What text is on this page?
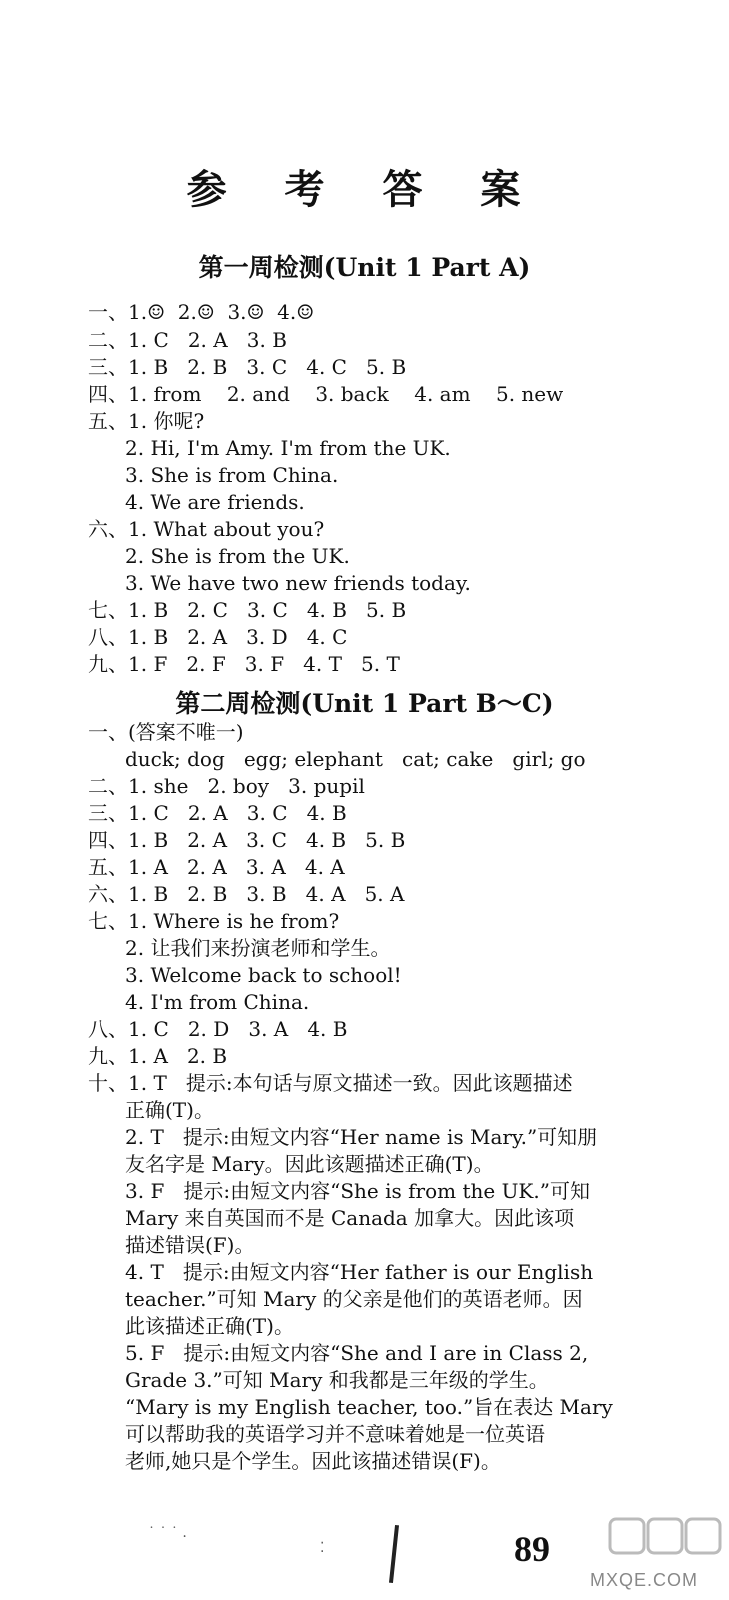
参 考 答 案
第一周检测(Unit 1 Part A)
一、1.☺  2.☺  3.☺  4.☺
二、1. C   2. A   3. B
三、1. B   2. B   3. C   4. C   5. B
四、1. from    2. and    3. back    4. am    5. new
五、1. 你呢?
2. Hi, I'm Amy. I'm from the UK.
3. She is from China.
4. We are friends.
六、1. What about you?
2. She is from the UK.
3. We have two new friends today.
七、1. B   2. C   3. C   4. B   5. B
八、1. B   2. A   3. D   4. C
九、1. F   2. F   3. F   4. T   5. T
第二周检测(Unit 1 Part B～C)
一、(答案不唯一)
duck; dog   egg; elephant   cat; cake   girl; go
二、1. she   2. boy   3. pupil
三、1. C   2. A   3. C   4. B
四、1. B   2. A   3. C   4. B   5. B
五、1. A   2. A   3. A   4. A
六、1. B   2. B   3. B   4. A   5. A
七、1. Where is he from?
2. 让我们来扮演老师和学生。
3. Welcome back to school!
4. I'm from China.
八、1. C   2. D   3. A   4. B
九、1. A   2. B
十、1. T   提示:本句话与原文描述一致。因此该题描述
正确(T)。
2. T   提示:由短文内容“Her name is Mary.”可知朋
友名字是 Mary。因此该题描述正确(T)。
3. F   提示:由短文内容“She is from the UK.”可知
Mary 来自英国而不是 Canada 加拿大。因此该项
描述错误(F)。
4. T   提示:由短文内容“Her father is our English
teacher.”可知 Mary 的父亲是他们的英语老师。因
此该描述正确(T)。
5. F   提示:由短文内容“She and I are in Class 2,
Grade 3.”可知 Mary 和我都是三年级的学生。
“Mary is my English teacher, too.”旨在表达 Mary
可以帮助我的英语学习并不意味着她是一位英语
老师,她只是个学生。因此该描述错误(F)。
˙ ˙ ˙ .
⁚	89
MXQE.COM
